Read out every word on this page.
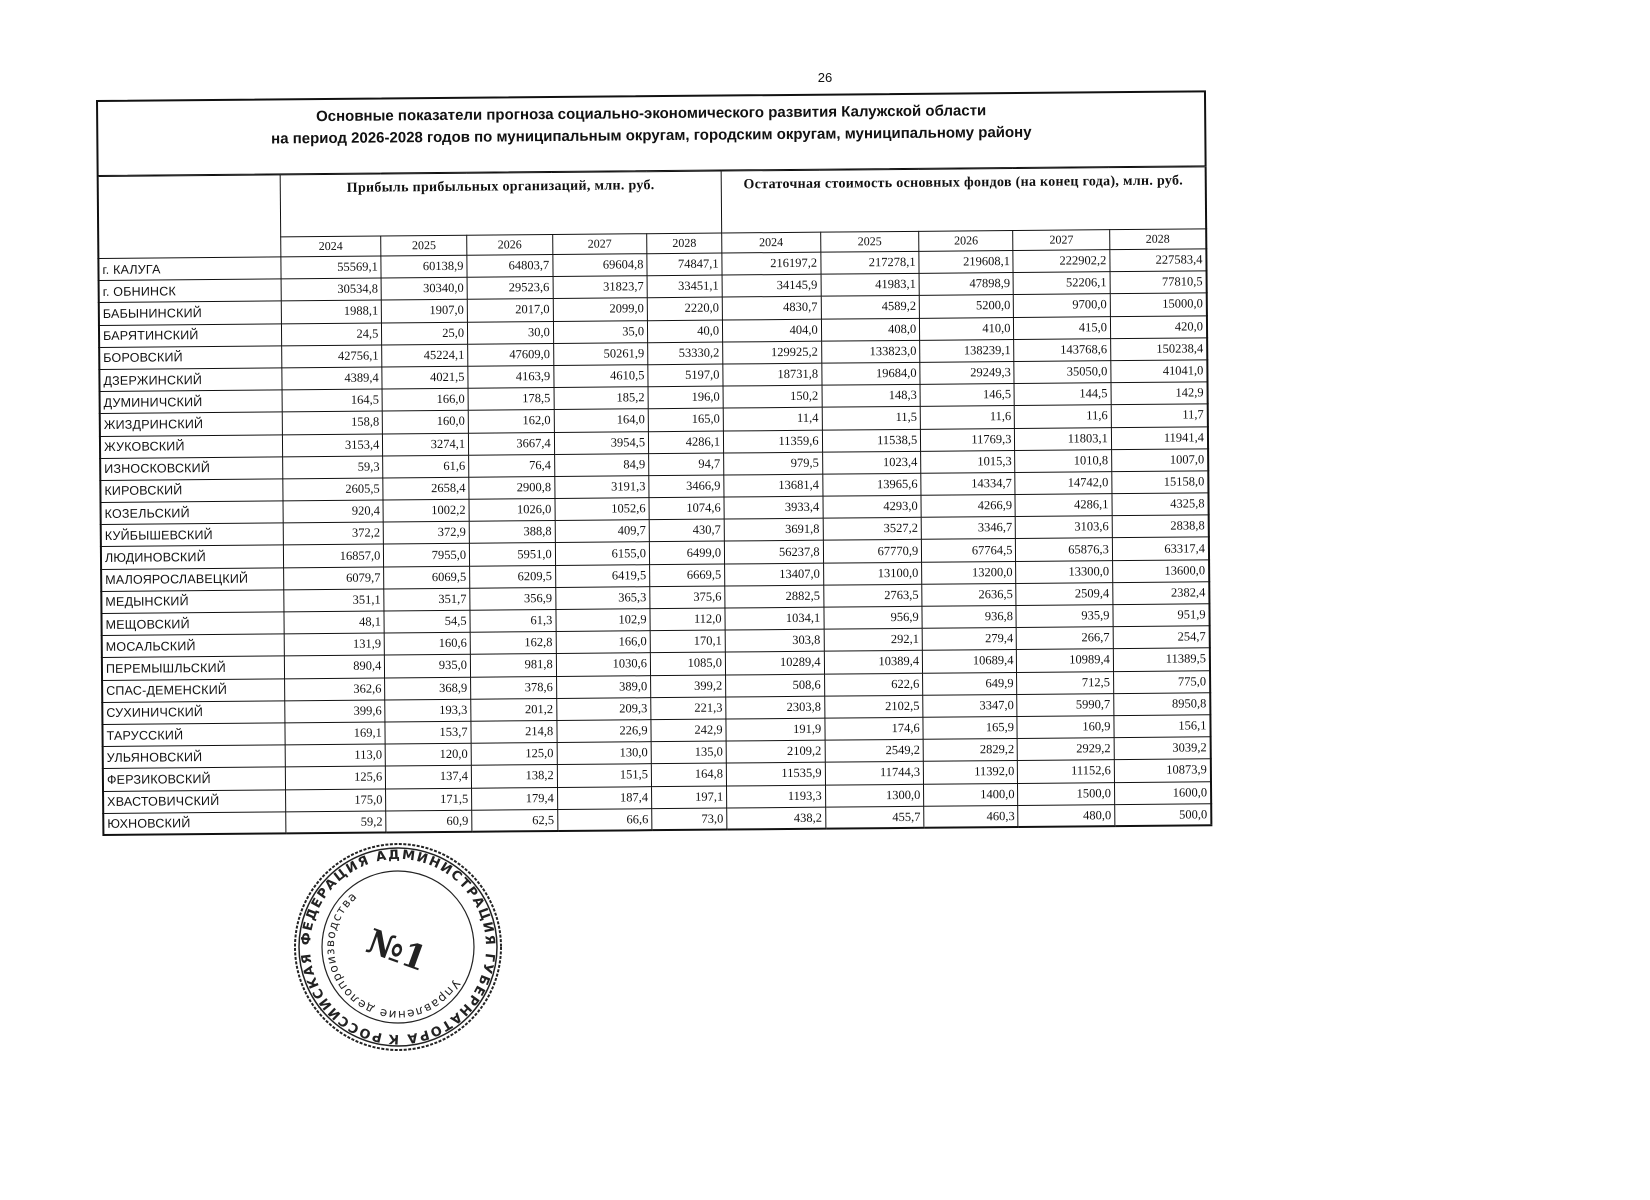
26
Основные показатели прогноза социально-экономического развития Калужской области
на период 2026-2028 годов по муниципальным округам, городским округам, муниципальному району
	Прибыль прибыльных организаций, млн. руб.					Остаточная стоимость основных фондов (на конец года), млн. руб.				
	2024	2025	2026	2027	2028	2024	2025	2026	2027	2028
г. КАЛУГА	55569,1	60138,9	64803,7	69604,8	74847,1	216197,2	217278,1	219608,1	222902,2	227583,4
г. ОБНИНСК	30534,8	30340,0	29523,6	31823,7	33451,1	34145,9	41983,1	47898,9	52206,1	77810,5
БАБЫНИНСКИЙ	1988,1	1907,0	2017,0	2099,0	2220,0	4830,7	4589,2	5200,0	9700,0	15000,0
БАРЯТИНСКИЙ	24,5	25,0	30,0	35,0	40,0	404,0	408,0	410,0	415,0	420,0
БОРОВСКИЙ	42756,1	45224,1	47609,0	50261,9	53330,2	129925,2	133823,0	138239,1	143768,6	150238,4
ДЗЕРЖИНСКИЙ	4389,4	4021,5	4163,9	4610,5	5197,0	18731,8	19684,0	29249,3	35050,0	41041,0
ДУМИНИЧСКИЙ	164,5	166,0	178,5	185,2	196,0	150,2	148,3	146,5	144,5	142,9
ЖИЗДРИНСКИЙ	158,8	160,0	162,0	164,0	165,0	11,4	11,5	11,6	11,6	11,7
ЖУКОВСКИЙ	3153,4	3274,1	3667,4	3954,5	4286,1	11359,6	11538,5	11769,3	11803,1	11941,4
ИЗНОСКОВСКИЙ	59,3	61,6	76,4	84,9	94,7	979,5	1023,4	1015,3	1010,8	1007,0
КИРОВСКИЙ	2605,5	2658,4	2900,8	3191,3	3466,9	13681,4	13965,6	14334,7	14742,0	15158,0
КОЗЕЛЬСКИЙ	920,4	1002,2	1026,0	1052,6	1074,6	3933,4	4293,0	4266,9	4286,1	4325,8
КУЙБЫШЕВСКИЙ	372,2	372,9	388,8	409,7	430,7	3691,8	3527,2	3346,7	3103,6	2838,8
ЛЮДИНОВСКИЙ	16857,0	7955,0	5951,0	6155,0	6499,0	56237,8	67770,9	67764,5	65876,3	63317,4
МАЛОЯРОСЛАВЕЦКИЙ	6079,7	6069,5	6209,5	6419,5	6669,5	13407,0	13100,0	13200,0	13300,0	13600,0
МЕДЫНСКИЙ	351,1	351,7	356,9	365,3	375,6	2882,5	2763,5	2636,5	2509,4	2382,4
МЕЩОВСКИЙ	48,1	54,5	61,3	102,9	112,0	1034,1	956,9	936,8	935,9	951,9
МОСАЛЬСКИЙ	131,9	160,6	162,8	166,0	170,1	303,8	292,1	279,4	266,7	254,7
ПЕРЕМЫШЛЬСКИЙ	890,4	935,0	981,8	1030,6	1085,0	10289,4	10389,4	10689,4	10989,4	11389,5
СПАС-ДЕМЕНСКИЙ	362,6	368,9	378,6	389,0	399,2	508,6	622,6	649,9	712,5	775,0
СУХИНИЧСКИЙ	399,6	193,3	201,2	209,3	221,3	2303,8	2102,5	3347,0	5990,7	8950,8
ТАРУССКИЙ	169,1	153,7	214,8	226,9	242,9	191,9	174,6	165,9	160,9	156,1
УЛЬЯНОВСКИЙ	113,0	120,0	125,0	130,0	135,0	2109,2	2549,2	2829,2	2929,2	3039,2
ФЕРЗИКОВСКИЙ	125,6	137,4	138,2	151,5	164,8	11535,9	11744,3	11392,0	11152,6	10873,9
ХВАСТОВИЧСКИЙ	175,0	171,5	179,4	187,4	197,1	1193,3	1300,0	1400,0	1500,0	1600,0
ЮХНОВСКИЙ	59,2	60,9	62,5	66,6	73,0	438,2	455,7	460,3	480,0	500,0
РОССИЙСКАЯ ФЕДЕРАЦИЯ АДМИНИСТРАЦИЯ ГУБЕРНАТОРА КАЛУЖСКОЙ
Управление делопроизводства
№1
